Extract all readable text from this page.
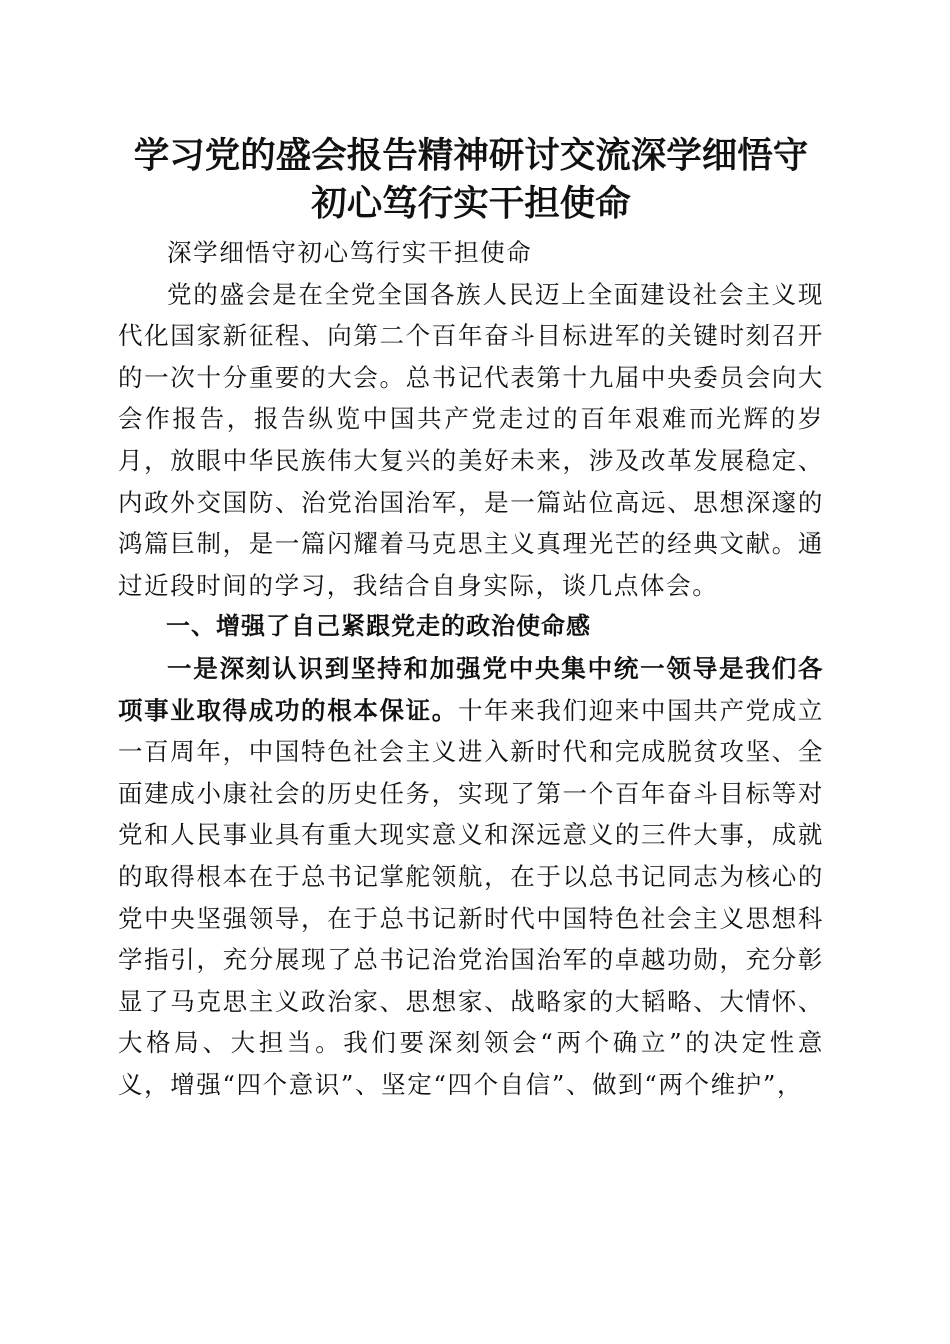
学习党的盛会报告精神研讨交流深学细悟守初心笃行实干担使命

深学细悟守初心笃行实干担使命

党的盛会是在全党全国各族人民迈上全面建设社会主义现代化国家新征程、向第二个百年奋斗目标进军的关键时刻召开的一次十分重要的大会。总书记代表第十九届中央委员会向大会作报告，报告纵览中国共产党走过的百年艰难而光辉的岁月，放眼中华民族伟大复兴的美好未来，涉及改革发展稳定、内政外交国防、治党治国治军，是一篇站位高远、思想深邃的鸿篇巨制，是一篇闪耀着马克思主义真理光芒的经典文献。通过近段时间的学习，我结合自身实际，谈几点体会。

一、增强了自己紧跟党走的政治使命感

一是深刻认识到坚持和加强党中央集中统一领导是我们各项事业取得成功的根本保证。十年来我们迎来中国共产党成立一百周年，中国特色社会主义进入新时代和完成脱贫攻坚、全面建成小康社会的历史任务，实现了第一个百年奋斗目标等对党和人民事业具有重大现实意义和深远意义的三件大事，成就的取得根本在于总书记掌舵领航，在于以总书记同志为核心的党中央坚强领导，在于总书记新时代中国特色社会主义思想科学指引，充分展现了总书记治党治国治军的卓越功勋，充分彰显了马克思主义政治家、思想家、战略家的大韬略、大情怀、大格局、大担当。我们要深刻领会“两个确立”的决定性意义，增强“四个意识”、坚定“四个自信”、做到“两个维护”，
